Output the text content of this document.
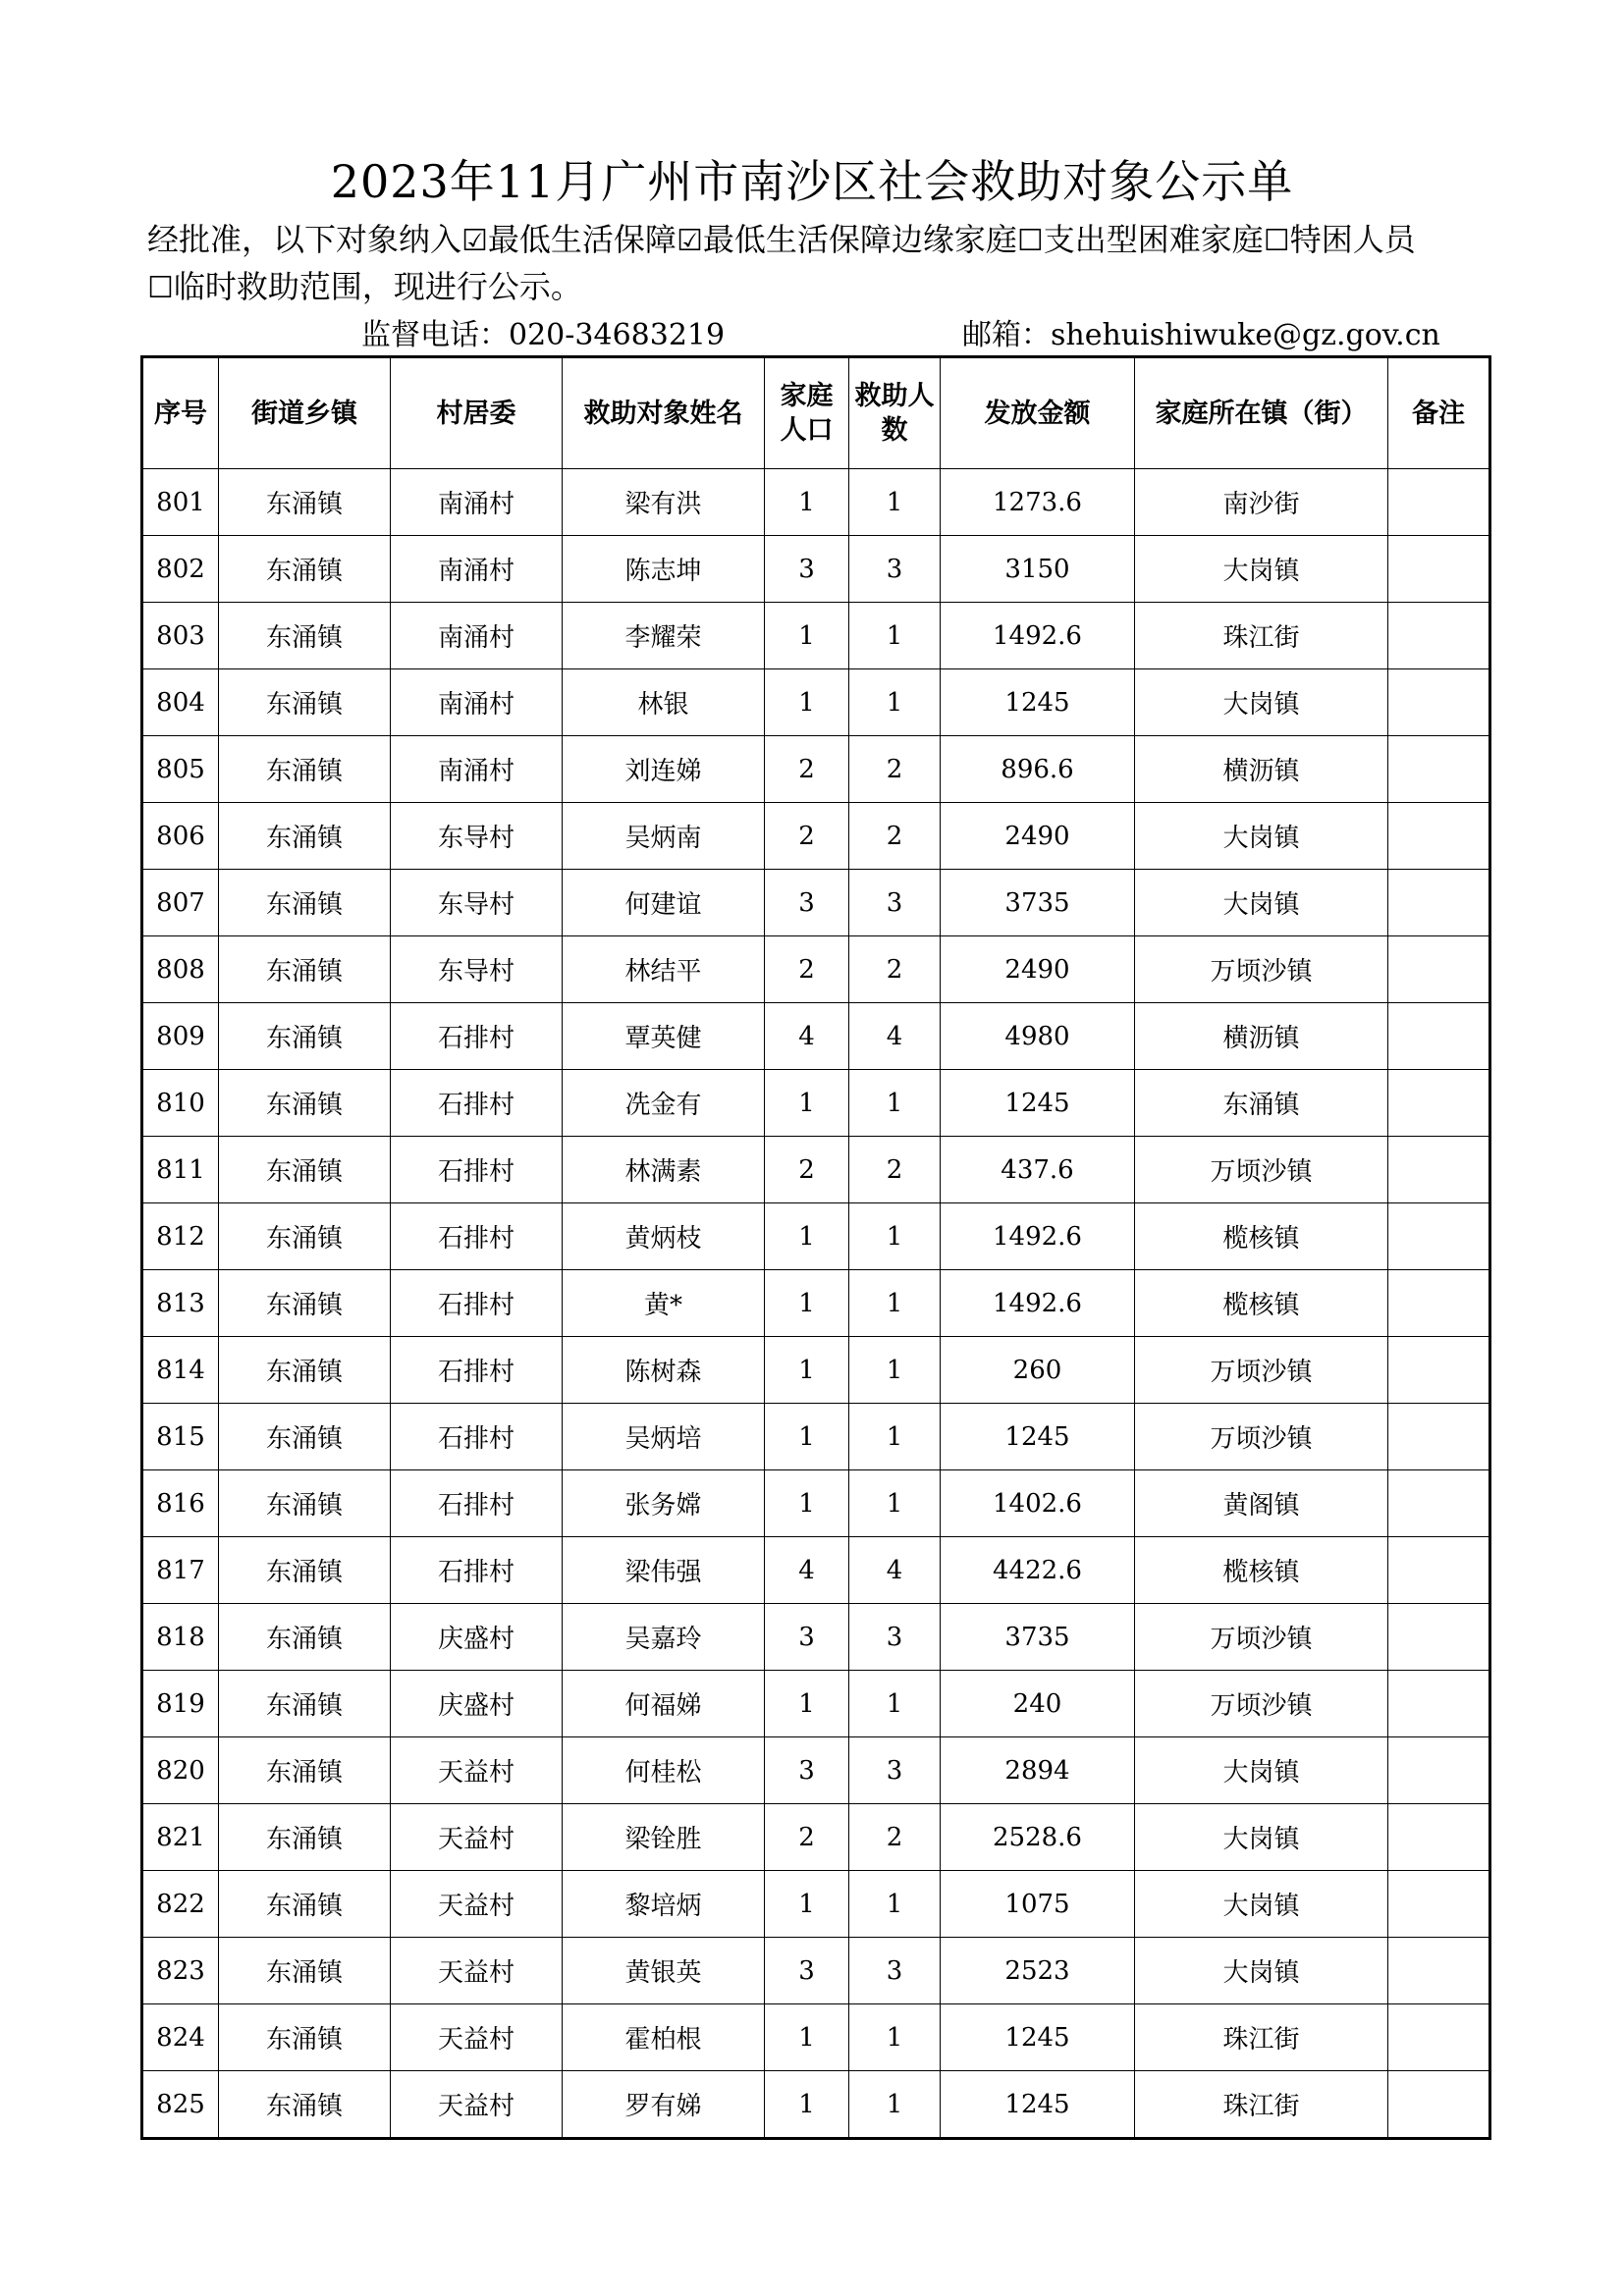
2023年11月广州市南沙区社会救助对象公示单
经批准，以下对象纳入☑最低生活保障☑最低生活保障边缘家庭☐支出型困难家庭☐特困人员
☐临时救助范围，现进行公示。
监督电话：020-34683219	邮箱：shehuishiwuke@gz.gov.cn
序号	街道乡镇	村居委	救助对象姓名	家庭人口	救助人数	发放金额	家庭所在镇（街）	备注
801	东涌镇	南涌村	梁有洪	1	1	1273.6	南沙街	
802	东涌镇	南涌村	陈志坤	3	3	3150	大岗镇	
803	东涌镇	南涌村	李耀荣	1	1	1492.6	珠江街	
804	东涌镇	南涌村	林银	1	1	1245	大岗镇	
805	东涌镇	南涌村	刘连娣	2	2	896.6	横沥镇	
806	东涌镇	东导村	吴炳南	2	2	2490	大岗镇	
807	东涌镇	东导村	何建谊	3	3	3735	大岗镇	
808	东涌镇	东导村	林结平	2	2	2490	万顷沙镇	
809	东涌镇	石排村	覃英健	4	4	4980	横沥镇	
810	东涌镇	石排村	冼金有	1	1	1245	东涌镇	
811	东涌镇	石排村	林满素	2	2	437.6	万顷沙镇	
812	东涌镇	石排村	黄炳枝	1	1	1492.6	榄核镇	
813	东涌镇	石排村	黄*	1	1	1492.6	榄核镇	
814	东涌镇	石排村	陈树森	1	1	260	万顷沙镇	
815	东涌镇	石排村	吴炳培	1	1	1245	万顷沙镇	
816	东涌镇	石排村	张务嫦	1	1	1402.6	黄阁镇	
817	东涌镇	石排村	梁伟强	4	4	4422.6	榄核镇	
818	东涌镇	庆盛村	吴嘉玲	3	3	3735	万顷沙镇	
819	东涌镇	庆盛村	何福娣	1	1	240	万顷沙镇	
820	东涌镇	天益村	何桂松	3	3	2894	大岗镇	
821	东涌镇	天益村	梁铨胜	2	2	2528.6	大岗镇	
822	东涌镇	天益村	黎培炳	1	1	1075	大岗镇	
823	东涌镇	天益村	黄银英	3	3	2523	大岗镇	
824	东涌镇	天益村	霍柏根	1	1	1245	珠江街	
825	东涌镇	天益村	罗有娣	1	1	1245	珠江街	
